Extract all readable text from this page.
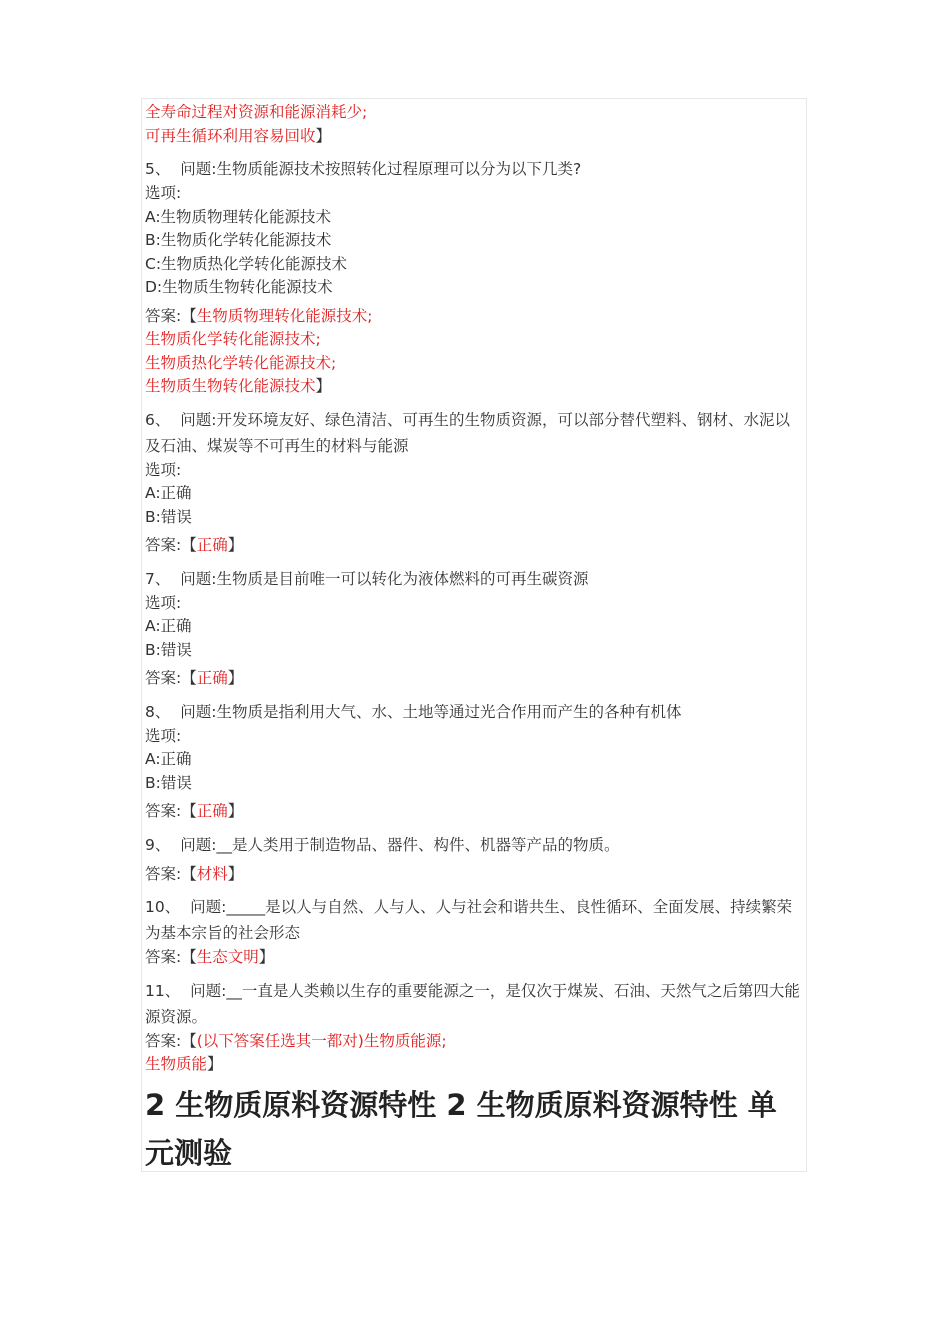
全寿命过程对资源和能源消耗少;
可再生循环利用容易回收】
5、 问题:生物质能源技术按照转化过程原理可以分为以下几类?
选项:
A:生物质物理转化能源技术
B:生物质化学转化能源技术
C:生物质热化学转化能源技术
D:生物质生物转化能源技术
答案:【生物质物理转化能源技术;
生物质化学转化能源技术;
生物质热化学转化能源技术;
生物质生物转化能源技术】
6、 问题:开发环境友好、绿色清洁、可再生的生物质资源，可以部分替代塑料、钢材、水泥以及石油、煤炭等不可再生的材料与能源
选项:
A:正确
B:错误
答案:【正确】
7、 问题:生物质是目前唯一可以转化为液体燃料的可再生碳资源
选项:
A:正确
B:错误
答案:【正确】
8、 问题:生物质是指利用大气、水、土地等通过光合作用而产生的各种有机体
选项:
A:正确
B:错误
答案:【正确】
9、 问题:__是人类用于制造物品、器件、构件、机器等产品的物质。
答案:【材料】
10、 问题:_____是以人与自然、人与人、人与社会和谐共生、良性循环、全面发展、持续繁荣为基本宗旨的社会形态
答案:【生态文明】
11、 问题:__一直是人类赖以生存的重要能源之一，是仅次于煤炭、石油、天然气之后第四大能源资源。
答案:【(以下答案任选其一都对)生物质能源;
生物质能】
2 生物质原料资源特性 2 生物质原料资源特性 单元测验
